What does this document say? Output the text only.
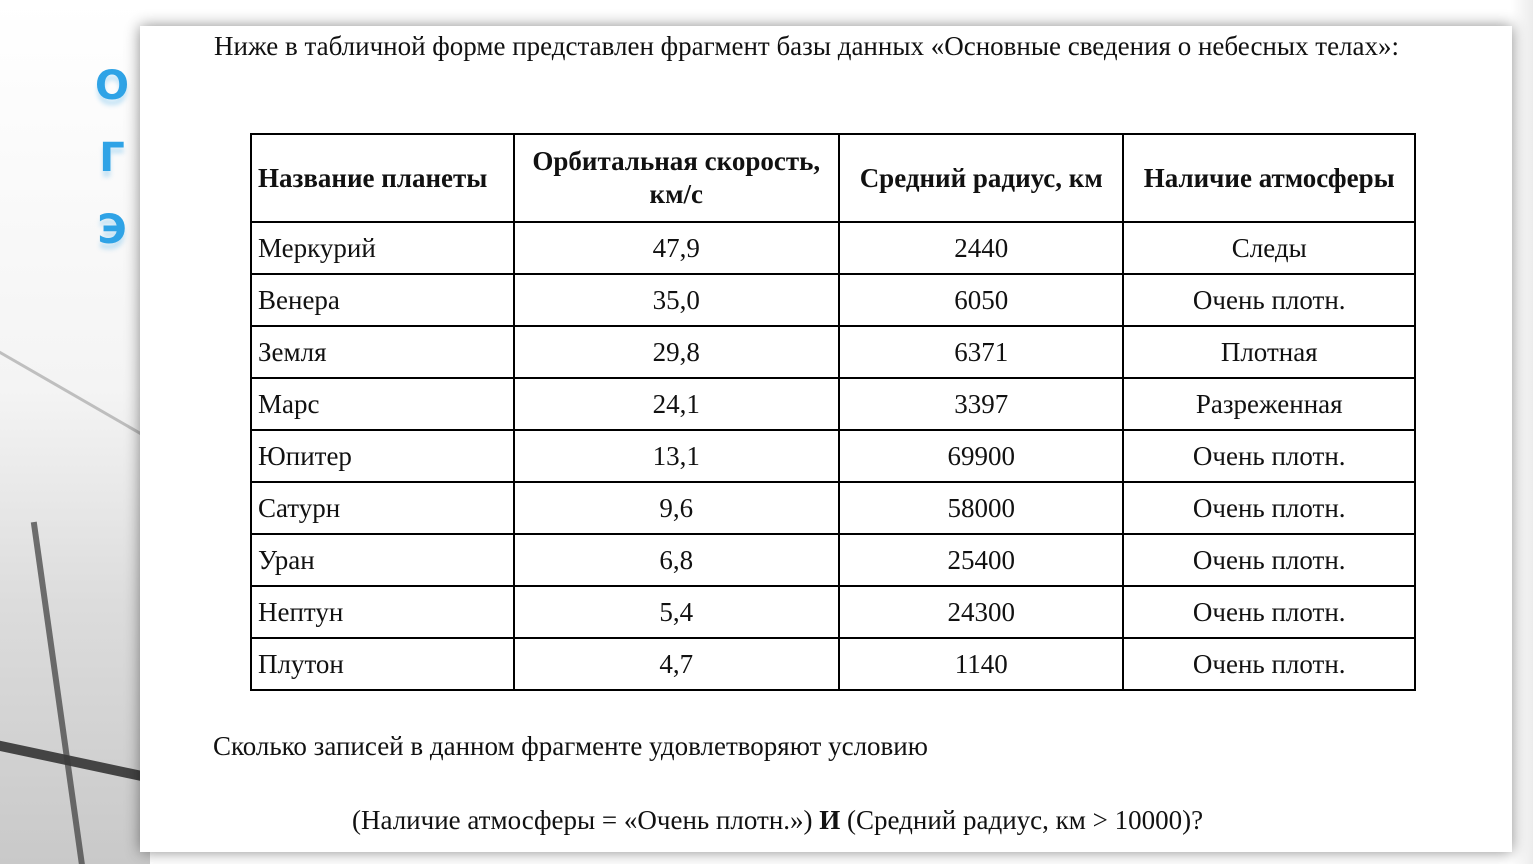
О
Г
Э

Ниже в табличной форме представлен фрагмент базы данных «Основные сведения о небесных телах»:

Название планеты	Орбитальная скорость, км/с	Средний радиус, км	Наличие атмосферы
Меркурий	47,9	2440	Следы
Венера	35,0	6050	Очень плотн.
Земля	29,8	6371	Плотная
Марс	24,1	3397	Разреженная
Юпитер	13,1	69900	Очень плотн.
Сатурн	9,6	58000	Очень плотн.
Уран	6,8	25400	Очень плотн.
Нептун	5,4	24300	Очень плотн.
Плутон	4,7	1140	Очень плотн.

Сколько записей в данном фрагменте удовлетворяют условию

(Наличие атмосферы = «Очень плотн.») И (Средний радиус, км > 10000)?
